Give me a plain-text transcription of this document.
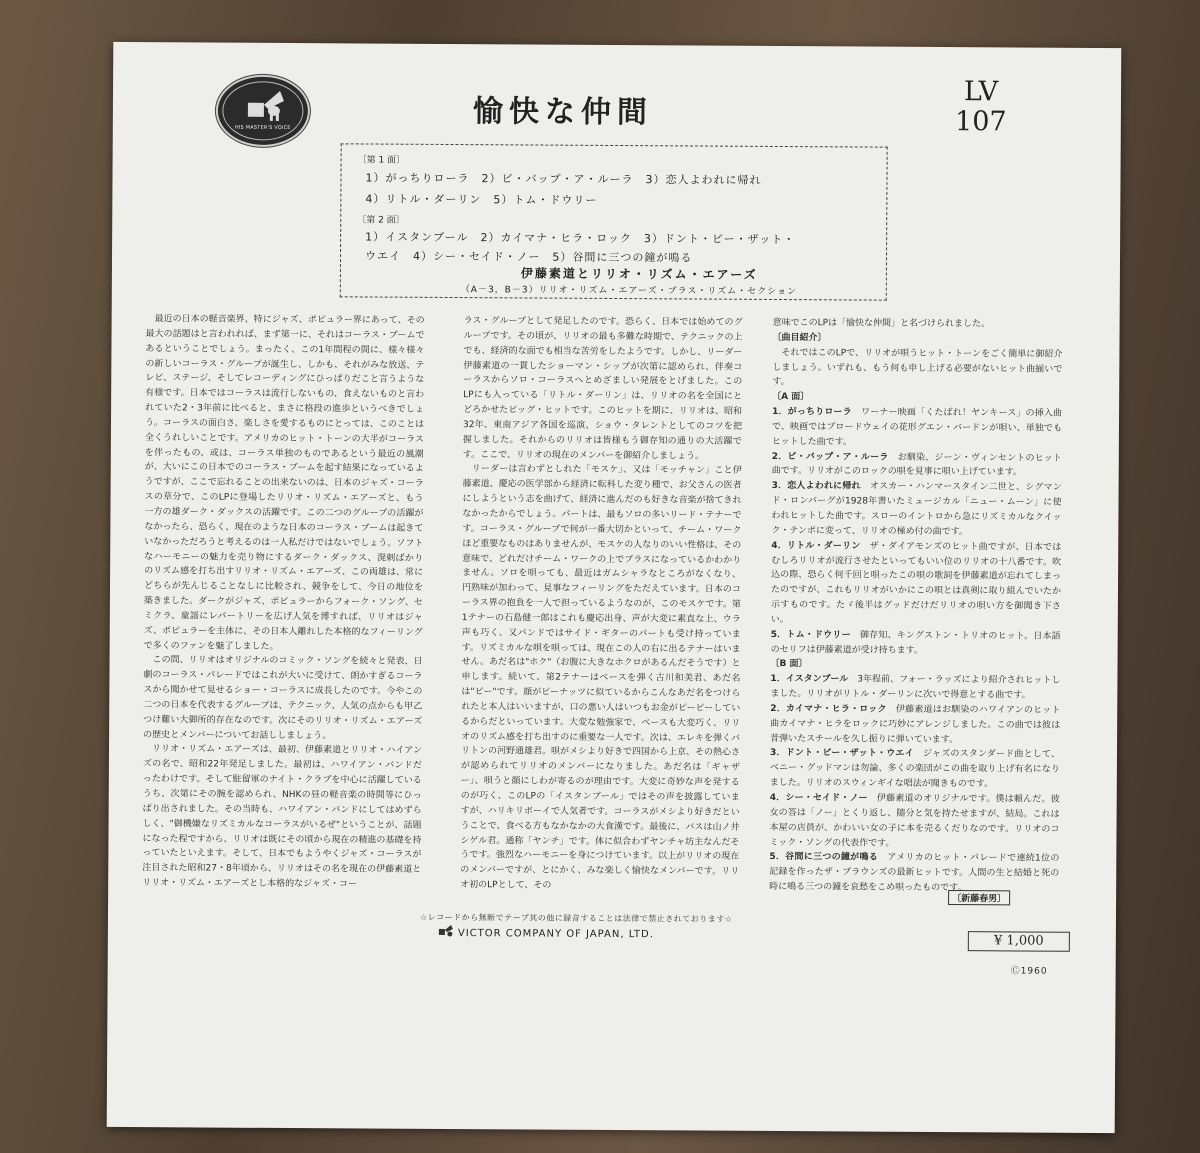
HIS MASTER'S VOICE	愉快な仲間
LV
107
〔第 1 面〕
1）がっちりローラ　2）ビ・バップ・ア・ルーラ　3）恋人よわれに帰れ
4）リトル・ダーリン　5）トム・ドウリー
〔第 2 面〕
1）イスタンブール　2）カイマナ・ヒラ・ロック　3）ドント・ビー・ザット・
ウエイ　4）シー・セイド・ノー　5）谷間に三つの鐘が鳴る
伊藤素道とリリオ・リズム・エアーズ
（A－3，B－3）リリオ・リズム・エアーズ・プラス・リズム・セクション

最近の日本の軽音楽界、特にジャズ、ポピュラー界にあって、その最大の話題はと言われれば、まず第一に、それはコーラス・ブームであるということでしょう。まったく、この1年間程の間に、様々様々の新しいコーラス・グループが誕生し、しかも、それがみな放送、テレビ、ステージ、そしてレコーディングにひっぱりだこと言うような有様です。日本ではコーラスは流行しないもの、食えないものと言われていた2・3年前に比べると、まさに格段の進歩というべきでしょう。コーラスの面白さ、楽しさを愛するものにとっては、このことは全くうれしいことです。アメリカのヒット・トーンの大半がコーラスを伴ったもの、或は、コーラス単独のものであるという最近の風潮が、大いにこの日本でのコーラス・ブームを起す結果になっているようですが、ここで忘れることの出来ないのは、日本のジャズ・コーラスの草分で、このLPに登場したリリオ・リズム・エアーズと、もう一方の雄ダーク・ダックスの活躍です。この二つのグループの活躍がなかったら、恐らく、現在のような日本のコーラス・ブームは起きていなかっただろうと考えるのは一人私だけではないでしょう。ソフトなハーモニーの魅力を売り物にするダーク・ダックス、溌剌ばかりのリズム感を打ち出すリリオ・リズム・エアーズ、この両雄は、常にどちらが先んじることなしに比較され、競争をして、今日の地位を築きました。ダークがジャズ、ポピュラーからフォーク・ソング、セミクラ、童謡にレパートリーを広げ人気を博すれば、リリオはジャズ、ポピュラーを主体に、その日本人離れした本格的なフィーリングで多くのファンを魅了しました。

この間、リリオはオリジナルのコミック・ソングを続々と発表、日劇のコーラス・パレードではこれが大いに受けて、朗かすぎるコーラスから聞かせて見せるショー・コーラスに成長したのです。今やこの二つの日本を代表するグループは、テクニック、人気の点からも甲乙つけ難い大御所的存在なのです。次にそのリリオ・リズム・エアーズの歴史とメンバーについてお話ししましょう。

リリオ・リズム・エアーズは、最初、伊藤素道とリリオ・ハイアンズの名で、昭和22年発足しました。最初は、ハワイアン・バンドだったわけです。そして駐留軍のナイト・クラブを中心に活躍しているうち、次第にその腕を認められ、NHKの昼の軽音楽の時間等にひっぱり出されました。その当時も、ハワイアン・バンドにしてはめずらしく、"御機嫌なリズミカルなコーラスがいるぜ"ということが、話題になった程ですから、リリオは既にその頃から現在の精進の基礎を持っていたといえます。そして、日本でもようやくジャズ・コーラスが注目された昭和27・8年頃から、リリオはその名を現在の伊藤素道とリリオ・リズム・エアーズとし本格的なジャズ・コー

ラス・グループとして発足したのです。恐らく、日本では始めてのグループです。その頃が、リリオの最も多難な時期で、テクニックの上でも、経済的な面でも相当な苦労をしたようです。しかし、リーダー伊藤素道の一貫したショーマン・シップが次第に認められ、伴奏コーラスからソロ・コーラスへとめざましい発展をとげました。このLPにも入っている「リトル・ダーリン」は、リリオの名を全国にとどろかせたビッグ・ヒットです。このヒットを期に、リリオは、昭和32年、東南アジア各国を巡演、ショウ・タレントとしてのコツを把握しました。それからのリリオは皆様もう御存知の通りの大活躍です。ここで、リリオの現在のメンバーを御紹介しましょう。

リーダーは言わずとしれた「モスケ」、又は「モッチャン」こと伊藤素道、慶応の医学部から経済に転科した変り種で、お父さんの医者にしようという志を曲げて、経済に進んだのも好きな音楽が捨てきれなかったからでしょう。パートは、最もソロの多いリード・テナーです。コーラス・グループで何が一番大切かといって、チーム・ワークほど重要なものはありませんが、モスケの人なりのいい性格は、その意味で、どれだけチーム・ワークの上でプラスになっているかわかりません。ソロを唄っても、最近はガムシャラなところがなくなり、円熟味が加わって、見事なフィーリングをただえています。日本のコーラス界の抱負を一人で担っているようなのが、このモスケです。第1テナーの石島健一郎はこれも慶応出身、声が大変に素直な上、ウラ声も巧く、又バンドではサイド・ギターのパートも受け持っています。リズミカルな唄を唄っては、現在この人の右に出るテナーはいません。あだ名は"ホク"（お腹に大きなホクロがあるんだそうです）と申します。続いて、第2テナーはベースを弾く古川和美君、あだ名は"ピー"です。顔がピーナッツに似ているからこんなあだ名をつけられたと本人はいいますが、口の悪い人はいつもお金がピーピーしているからだといっています。大変な勉強家で、ベースも大変巧く、リリオのリズム感を打ち出すのに重要な一人です。次は、エレキを弾くバリトンの河野通雄君。唄がメシより好きで四国から上京、その熱心さが認められてリリオのメンバーになりました。あだ名は「ギャザー」、唄うと顔にしわが寄るのが理由です。大変に奇妙な声を発するのが巧く、このLPの「イスタンブール」ではその声を披露していますが、ハリキリボーイで人気者です。コーラスがメシより好きだということで、食べる方もなかなかの大食漢です。最後に、バスは山ノ井シゲル君。通称「ヤンチ」です。体に似合わずヤンチャ坊主なんだそうです。強烈なハーモニーを身につけています。以上がリリオの現在のメンバーですが、とにかく、みな楽しく愉快なメンバーです。リリオ初のLPとして、その

意味でこのLPは「愉快な仲間」と名づけられました。

〔曲目紹介〕

それではこのLPで、リリオが唄うヒット・トーンをごく簡単に御紹介しましょう。いずれも、もう何も申し上げる必要がないヒット曲揃いです。

〔A 面〕

1．がっちりローラ　 ワーナー映画「くたばれ！ヤンキース」の挿入曲で、映画ではブロードウェイの花形グエン・バードンが唄い、単独でもヒットした曲です。

2．ビ・バップ・ア・ルーラ　 お馴染、ジーン・ヴィンセントのヒット曲です。リリオがこのロックの唄を見事に唄い上げています。

3．恋人よわれに帰れ　 オスカー・ハンマースタイン二世と、シグマンド・ロンバーグが1928年書いたミュージカル「ニュー・ムーン」に使われヒットした曲です。スローのイントロから急にリズミカルなクイック・テンポに変って、リリオの極め付の曲です。

4．リトル・ダーリン　 ザ・ダイアモンズのヒット曲ですが、日本ではむしろリリオが流行させたといってもいい位のリリオの十八番です。吹込の際、恐らく何千回と唄ったこの唄の歌詞を伊藤素道が忘れてしまったのですが、これもリリオがいかにこの唄とは真剣に取り組んでいたか示すものです。たゞ後半はグッドだけだリリオの唄い方を御聞き下さい。

5．トム・ドウリー　 御存知、キングストン・トリオのヒット。日本語のセリフは伊藤素道が受け持ちます。

〔B 面〕

1．イスタンブール　 3年程前、フォー・ラッズにより紹介されヒットしました。リリオがリトル・ダーリンに次いで得意とする曲です。

2．カイマナ・ヒラ・ロック　 伊藤素道はお馴染のハワイアンのヒット曲カイマナ・ヒラをロックに巧妙にアレンジしました。この曲では彼は昔弾いたスチールを久し振りに弾いています。

3．ドント・ビー・ザット・ウエイ　 ジャズのスタンダード曲として、ベニー・グッドマンは勿論、多くの楽団がこの曲を取り上げ有名になりました。リリオのスウィンギイな唱法が聞きものです。

4．シー・セイド・ノー　 伊藤素道のオリジナルです。僕は頼んだ。彼女の答は「ノー」とくり返し、随分と気を持たせますが、結局。これは本屋の店員が、かわいい女の子に本を売るくだりなのです。リリオのコミック・ソングの代表作です。

5．谷間に三つの鐘が鳴る　 アメリカのヒット・パレードで連続1位の記録を作ったザ・ブラウンズの最新ヒットです。人間の生と結婚と死の時に鳴る三つの鐘を哀愁をこめ唄ったものです。

〔新藤春男〕
☆レコードから無断でテープ其の他に録音することは法律で禁止されております☆
VICTOR COMPANY OF JAPAN, LTD.	¥ 1,000
Ⓒ1960
